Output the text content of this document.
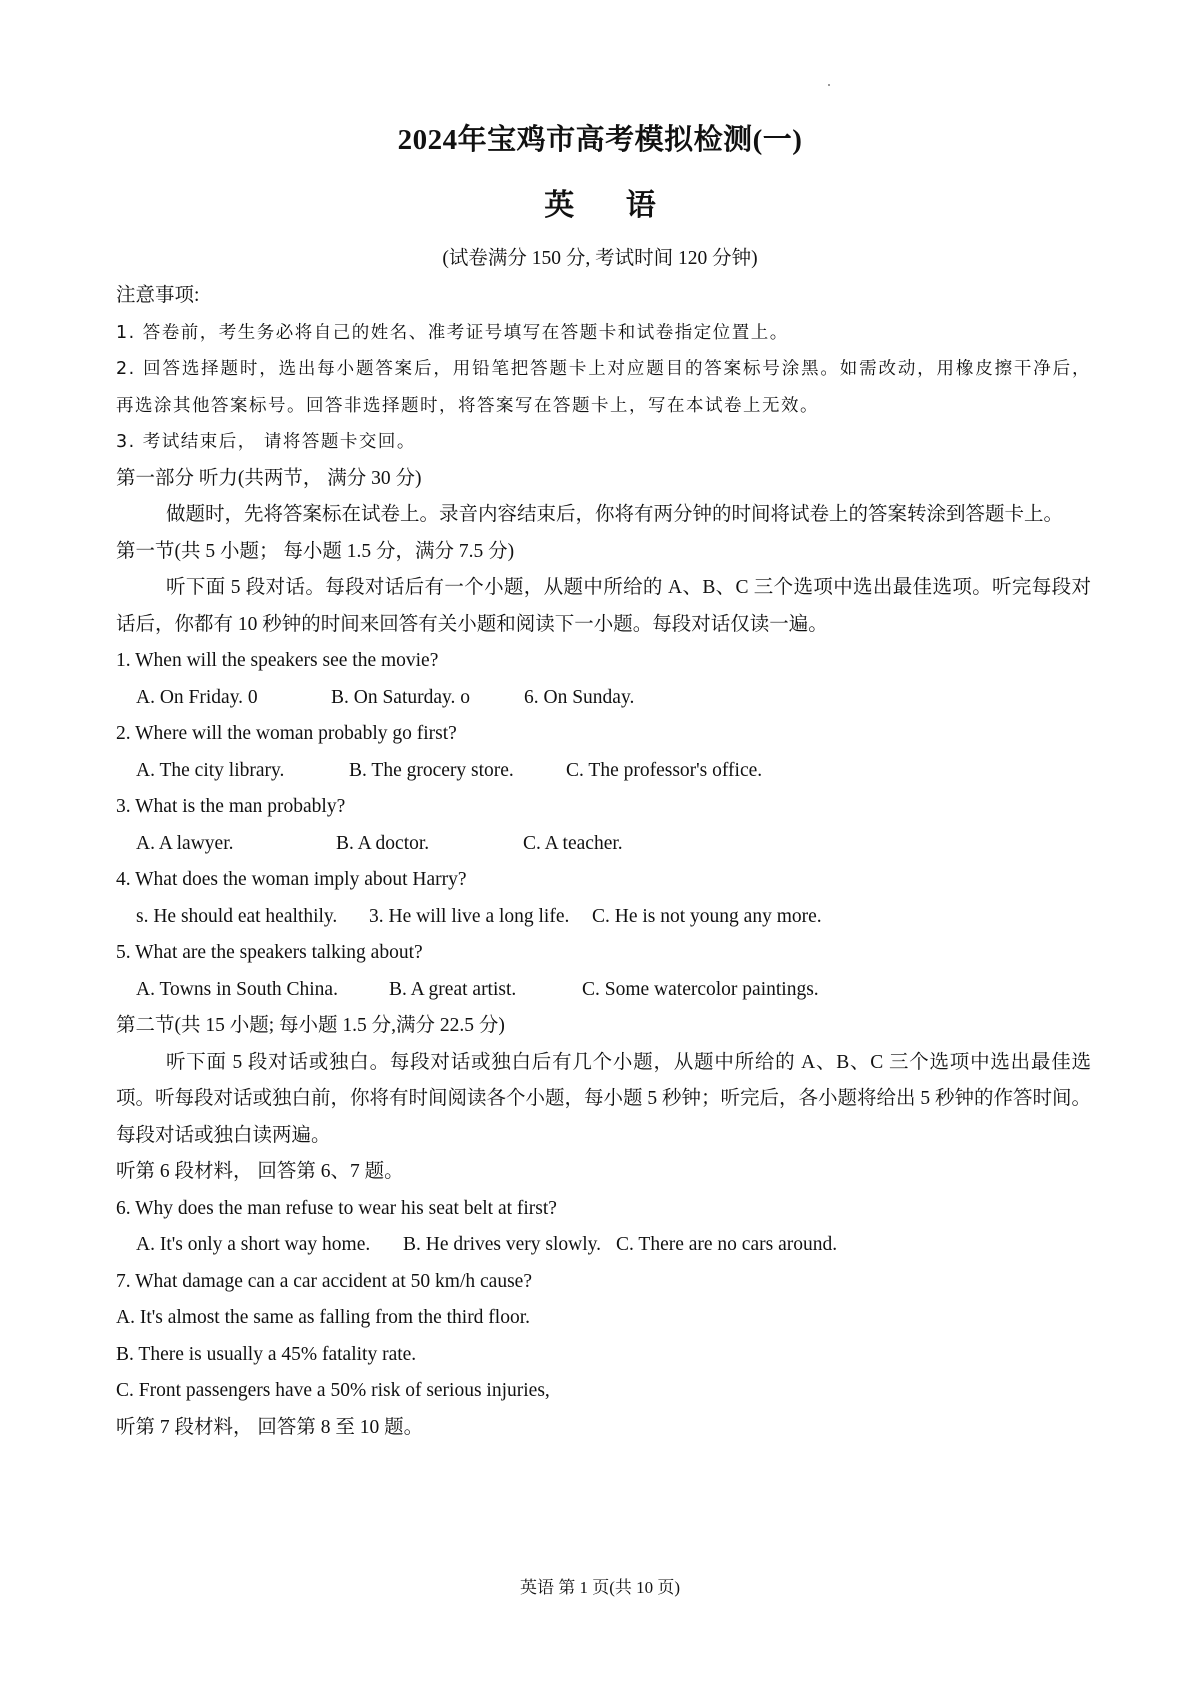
2024年宝鸡市高考模拟检测(一)
英 语
(试卷满分 150 分, 考试时间 120 分钟)
注意事项:
1. 答卷前，考生务必将自己的姓名、准考证号填写在答题卡和试卷指定位置上。
2. 回答选择题时，选出每小题答案后，用铅笔把答题卡上对应题目的答案标号涂黑。如需改动，用橡皮擦干净后，再选涂其他答案标号。回答非选择题时，将答案写在答题卡上，写在本试卷上无效。
3. 考试结束后， 请将答题卡交回。
第一部分 听力(共两节， 满分 30 分)
做题时，先将答案标在试卷上。录音内容结束后，你将有两分钟的时间将试卷上的答案转涂到答题卡上。
第一节(共 5 小题； 每小题 1.5 分，满分 7.5 分)
听下面 5 段对话。每段对话后有一个小题，从题中所给的 A、B、C 三个选项中选出最佳选项。听完每段对话后，你都有 10 秒钟的时间来回答有关小题和阅读下一小题。每段对话仅读一遍。
1. When will the speakers see the movie?
A. On Friday. 0	B. On Saturday. o	6. On Sunday.
2. Where will the woman probably go first?
A. The city library.	B. The grocery store.	C. The professor's office.
3. What is the man probably?
A. A lawyer.	B. A doctor.	C. A teacher.
4. What does the woman imply about Harry?
s. He should eat healthily. 3. He will live a long life. C. He is not young any more.
5. What are the speakers talking about?
A. Towns in South China.	B. A great artist.	C. Some watercolor paintings.
第二节(共 15 小题; 每小题 1.5 分,满分 22.5 分)
听下面 5 段对话或独白。每段对话或独白后有几个小题，从题中所给的 A、B、C 三个选项中选出最佳选项。听每段对话或独白前，你将有时间阅读各个小题，每小题 5 秒钟；听完后，各小题将给出 5 秒钟的作答时间。每段对话或独白读两遍。
听第 6 段材料， 回答第 6、7 题。
6. Why does the man refuse to wear his seat belt at first?
A. It's only a short way home. B. He drives very slowly. C. There are no cars around.
7. What damage can a car accident at 50 km/h cause?
A. It's almost the same as falling from the third floor.
B. There is usually a 45% fatality rate.
C. Front passengers have a 50% risk of serious injuries,
听第 7 段材料， 回答第 8 至 10 题。
英语 第 1 页(共 10 页)
